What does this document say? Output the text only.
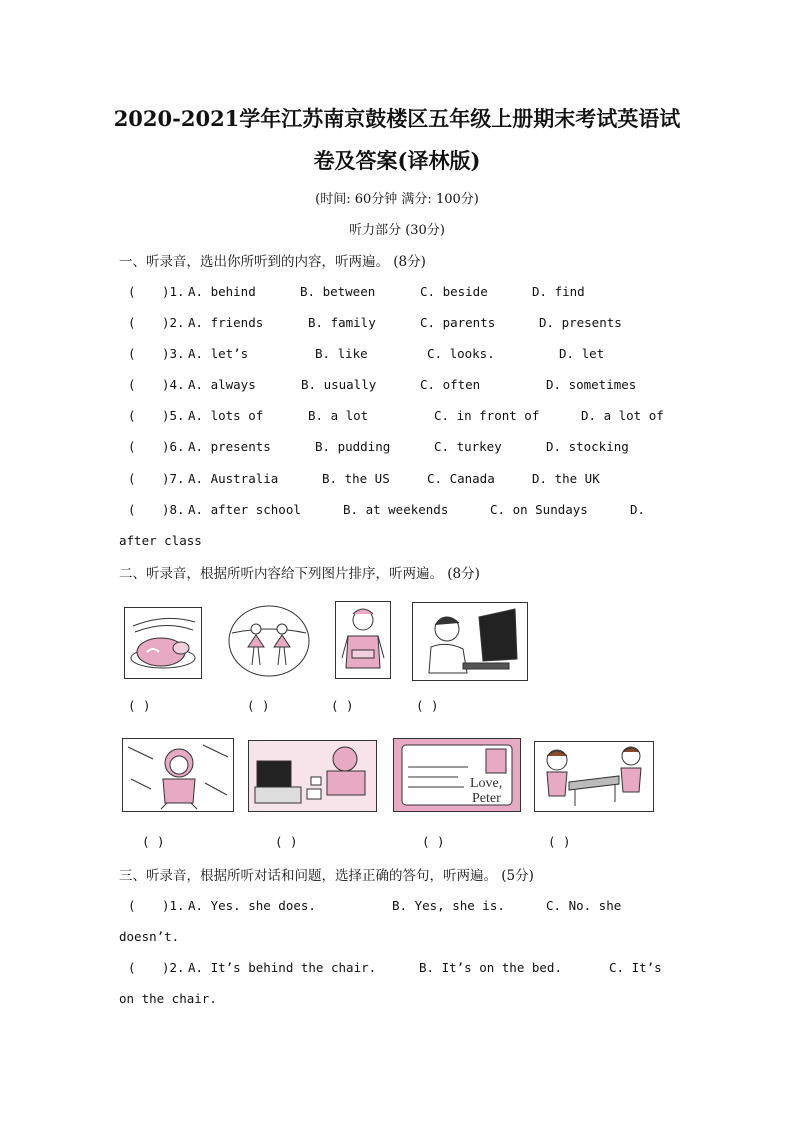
2020-2021学年江苏南京鼓楼区五年级上册期末考试英语试
卷及答案(译林版)
(时间: 60分钟 满分: 100分)
听力部分 (30分)
一、听录音，选出你所听到的内容，听两遍。 (8分)
( )1. A. behind	B. between	C. beside	D. find
( )2. A. friends	B. family	C. parents	D. presents
( )3. A. let’s	B. like	C. looks.	D. let
( )4. A. always	B. usually	C. often	D. sometimes
( )5. A. lots of	B. a lot	C. in front of	D. a lot of
( )6. A. presents	B. pudding	C. turkey	D. stocking
( )7. A. Australia	B. the US	C. Canada	D. the UK
( )8. A. after school	B. at weekends	C. on Sundays	D.
after class
二、听录音，根据所听内容给下列图片排序，听两遍。 (8分)
( )	( )	( )	( )
Love,
Peter
( )	( )	( )	( )
三、听录音，根据所听对话和问题，选择正确的答句，听两遍。 (5分)
( )1. A. Yes. she does.	B. Yes, she is.	C. No. she
doesn’t.
( )2. A. It’s behind the chair.	B. It’s on the bed.	C. It’s
on the chair.
